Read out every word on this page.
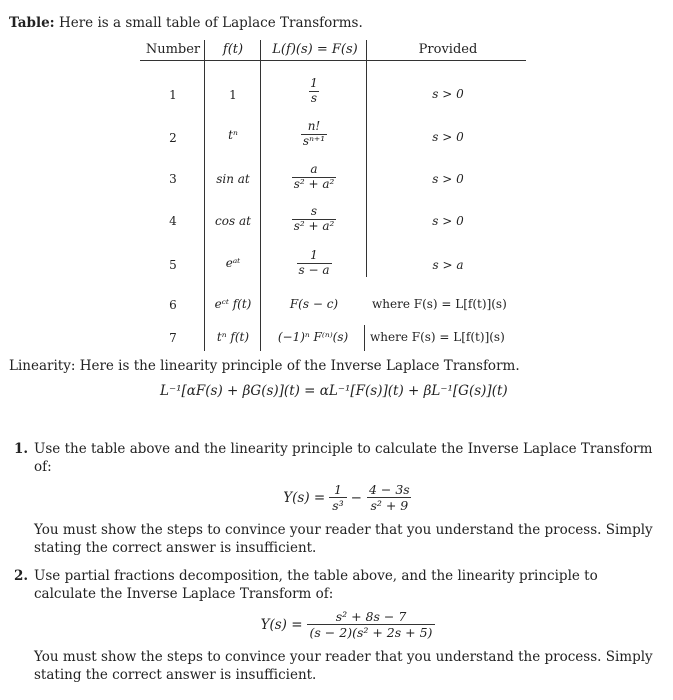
Table: Here is a small table of Laplace Transforms.
Number	f(t)	L(f)(s) = F(s)	Provided
1	1	$\frac{1}{s}$	s > 0
2	tⁿ	$\frac{n!}{\text{sⁿ⁺¹}}$	s > 0
3	sin at	$\frac{a}{\text{s² + a²}}$	s > 0
4	cos at	$\frac{s}{\text{s² + a²}}$	s > 0
5	eᵃᵗ	$\frac{1}{s - a}$	s > a
6	eᶜᵗ f(t)	F(s − c)	where F(s) = L[f(t)](s)
7	tⁿ f(t)	(−1)ⁿ F⁽ⁿ⁾(s)	where F(s) = L[f(t)](s)
Linearity: Here is the linearity principle of the Inverse Laplace Transform.
L⁻¹[αF(s) + βG(s)](t) = αL⁻¹[F(s)](t) + βL⁻¹[G(s)](t)
1. Use the table above and the linearity principle to calculate the Inverse Laplace Transform of:
$Y(s) = \frac{1}{\text{s³}} - \frac{4 - 3s}{\text{s² + 9}}$
You must show the steps to convince your reader that you understand the process. Simply stating the correct answer is insufficient.
2. Use partial fractions decomposition, the table above, and the linearity principle to calculate the Inverse Laplace Transform of:
$Y(s) = \frac{\text{s² + 8s − 7}}{\text{(s − 2)(s² + 2s + 5)}}$
You must show the steps to convince your reader that you understand the process. Simply stating the correct answer is insufficient.
